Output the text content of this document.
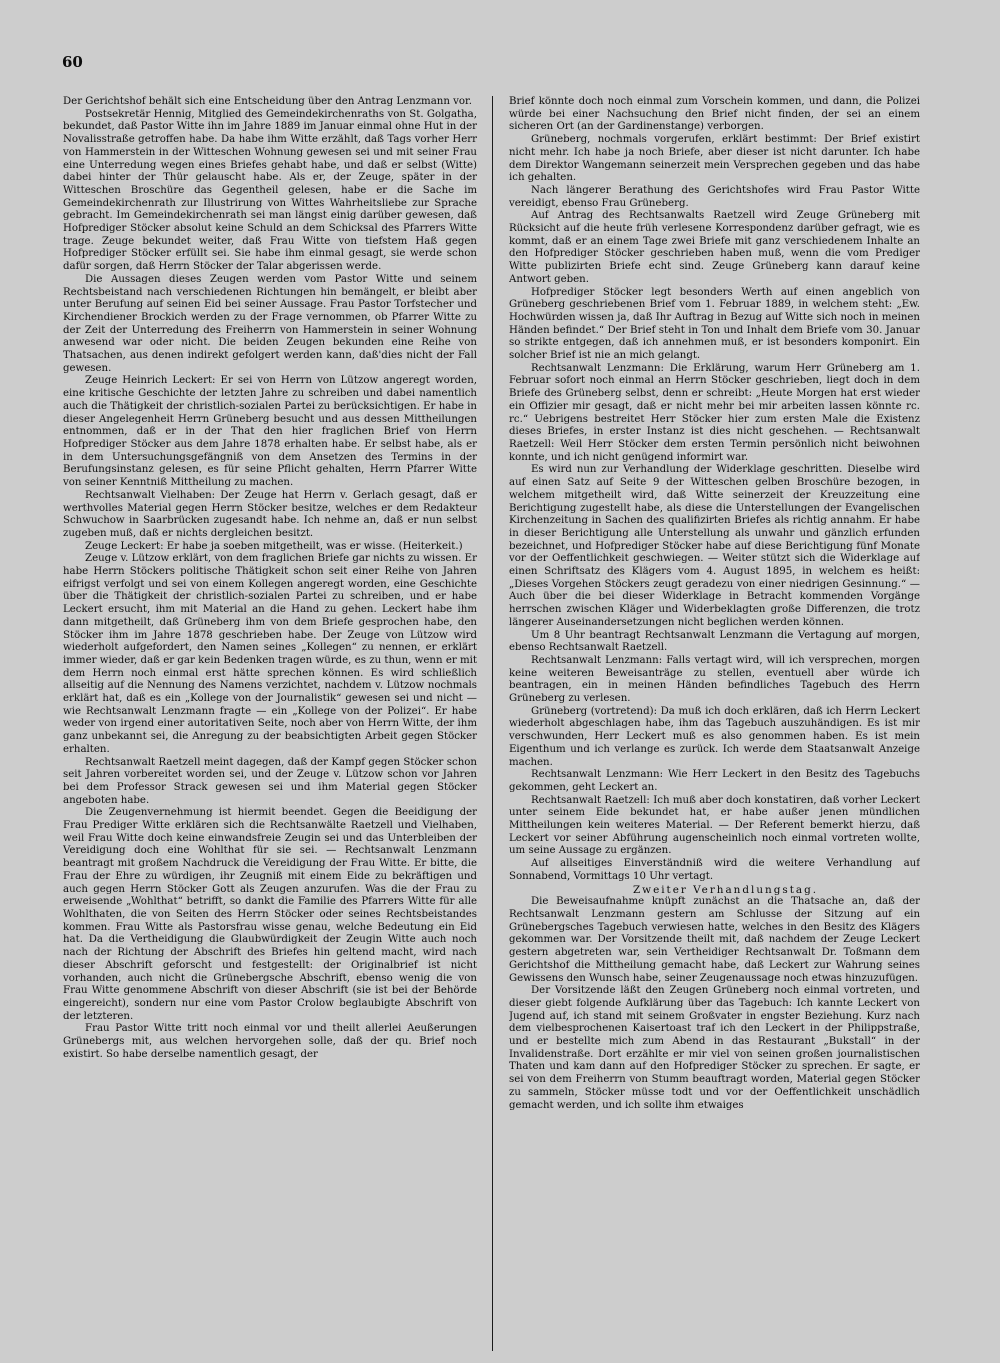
60

Der Gerichtshof behält sich eine Entscheidung über den Antrag Lenzmann vor.

Postsekretär Hennig, Mitglied des Gemeindekirchenraths von St. Golgatha, bekundet, daß Pastor Witte ihn im Jahre 1889 im Januar einmal ohne Hut in der Novalisstraße getroffen habe. Da habe ihm Witte erzählt, daß Tags vorher Herr von Hammerstein in der Witteschen Wohnung gewesen sei und mit seiner Frau eine Unterredung wegen eines Briefes gehabt habe, und daß er selbst (Witte) dabei hinter der Thür gelauscht habe. Als er, der Zeuge, später in der Witteschen Broschüre das Gegentheil gelesen, habe er die Sache im Gemeindekirchenrath zur Illustrirung von Wittes Wahrheitsliebe zur Sprache gebracht. Im Gemeindekirchenrath sei man längst einig darüber gewesen, daß Hofprediger Stöcker absolut keine Schuld an dem Schicksal des Pfarrers Witte trage. Zeuge bekundet weiter, daß Frau Witte von tiefstem Haß gegen Hofprediger Stöcker erfüllt sei. Sie habe ihm einmal gesagt, sie werde schon dafür sorgen, daß Herrn Stöcker der Talar abgerissen werde.

Die Aussagen dieses Zeugen werden vom Pastor Witte und seinem Rechtsbeistand nach verschiedenen Richtungen hin bemängelt, er bleibt aber unter Berufung auf seinen Eid bei seiner Aussage. Frau Pastor Torfstecher und Kirchendiener Brockich werden zu der Frage vernommen, ob Pfarrer Witte zu der Zeit der Unterredung des Freiherrn von Hammerstein in seiner Wohnung anwesend war oder nicht. Die beiden Zeugen bekunden eine Reihe von Thatsachen, aus denen indirekt gefolgert werden kann, daß'dies nicht der Fall gewesen.

Zeuge Heinrich Leckert: Er sei von Herrn von Lützow angeregt worden, eine kritische Geschichte der letzten Jahre zu schreiben und dabei namentlich auch die Thätigkeit der christlich-sozialen Partei zu berücksichtigen. Er habe in dieser Angelegenheit Herrn Grüneberg besucht und aus dessen Mittheilungen entnommen, daß er in der That den hier fraglichen Brief von Herrn Hofprediger Stöcker aus dem Jahre 1878 erhalten habe. Er selbst habe, als er in dem Untersuchungsgefängniß von dem Ansetzen des Termins in der Berufungsinstanz gelesen, es für seine Pflicht gehalten, Herrn Pfarrer Witte von seiner Kenntniß Mittheilung zu machen.

Rechtsanwalt Vielhaben: Der Zeuge hat Herrn v. Gerlach gesagt, daß er werthvolles Material gegen Herrn Stöcker besitze, welches er dem Redakteur Schwuchow in Saarbrücken zugesandt habe. Ich nehme an, daß er nun selbst zugeben muß, daß er nichts dergleichen besitzt.

Zeuge Leckert: Er habe ja soeben mitgetheilt, was er wisse. (Heiterkeit.)

Zeuge v. Lützow erklärt, von dem fraglichen Briefe gar nichts zu wissen. Er habe Herrn Stöckers politische Thätigkeit schon seit einer Reihe von Jahren eifrigst verfolgt und sei von einem Kollegen angeregt worden, eine Geschichte über die Thätigkeit der christlich-sozialen Partei zu schreiben, und er habe Leckert ersucht, ihm mit Material an die Hand zu gehen. Leckert habe ihm dann mitgetheilt, daß Grüneberg ihm von dem Briefe gesprochen habe, den Stöcker ihm im Jahre 1878 geschrieben habe. Der Zeuge von Lützow wird wiederholt aufgefordert, den Namen seines „Kollegen“ zu nennen, er erklärt immer wieder, daß er gar kein Bedenken tragen würde, es zu thun, wenn er mit dem Herrn noch einmal erst hätte sprechen können. Es wird schließlich allseitig auf die Nennung des Namens verzichtet, nachdem v. Lützow nochmals erklärt hat, daß es ein „Kollege von der Journalistik“ gewesen sei und nicht — wie Rechtsanwalt Lenzmann fragte — ein „Kollege von der Polizei“. Er habe weder von irgend einer autoritativen Seite, noch aber von Herrn Witte, der ihm ganz unbekannt sei, die Anregung zu der beabsichtigten Arbeit gegen Stöcker erhalten.

Rechtsanwalt Raetzell meint dagegen, daß der Kampf gegen Stöcker schon seit Jahren vorbereitet worden sei, und der Zeuge v. Lützow schon vor Jahren bei dem Professor Strack gewesen sei und ihm Material gegen Stöcker angeboten habe.

Die Zeugenvernehmung ist hiermit beendet. Gegen die Beeidigung der Frau Prediger Witte erklären sich die Rechtsanwälte Raetzell und Vielhaben, weil Frau Witte doch keine einwandsfreie Zeugin sei und das Unterbleiben der Vereidigung doch eine Wohlthat für sie sei. — Rechtsanwalt Lenzmann beantragt mit großem Nachdruck die Vereidigung der Frau Witte. Er bitte, die Frau der Ehre zu würdigen, ihr Zeugniß mit einem Eide zu bekräftigen und auch gegen Herrn Stöcker Gott als Zeugen anzurufen. Was die der Frau zu erweisende „Wohlthat“ betrifft, so dankt die Familie des Pfarrers Witte für alle Wohlthaten, die von Seiten des Herrn Stöcker oder seines Rechtsbeistandes kommen. Frau Witte als Pastorsfrau wisse genau, welche Bedeutung ein Eid hat. Da die Vertheidigung die Glaubwürdigkeit der Zeugin Witte auch noch nach der Richtung der Abschrift des Briefes hin geltend macht, wird nach dieser Abschrift geforscht und festgestellt: der Originalbrief ist nicht vorhanden, auch nicht die Grünebergsche Abschrift, ebenso wenig die von Frau Witte genommene Abschrift von dieser Abschrift (sie ist bei der Behörde eingereicht), sondern nur eine vom Pastor Crolow beglaubigte Abschrift von der letzteren.

Frau Pastor Witte tritt noch einmal vor und theilt allerlei Aeußerungen Grünebergs mit, aus welchen hervorgehen solle, daß der qu. Brief noch existirt. So habe derselbe namentlich gesagt, der

Brief könnte doch noch einmal zum Vorschein kommen, und dann, die Polizei würde bei einer Nachsuchung den Brief nicht finden, der sei an einem sicheren Ort (an der Gardinenstange) verborgen.

Grüneberg, nochmals vorgerufen, erklärt bestimmt: Der Brief existirt nicht mehr. Ich habe ja noch Briefe, aber dieser ist nicht darunter. Ich habe dem Direktor Wangemann seinerzeit mein Versprechen gegeben und das habe ich gehalten.

Nach längerer Berathung des Gerichtshofes wird Frau Pastor Witte vereidigt, ebenso Frau Grüneberg.

Auf Antrag des Rechtsanwalts Raetzell wird Zeuge Grüneberg mit Rücksicht auf die heute früh verlesene Korrespondenz darüber gefragt, wie es kommt, daß er an einem Tage zwei Briefe mit ganz verschiedenem Inhalte an den Hofprediger Stöcker geschrieben haben muß, wenn die vom Prediger Witte publizirten Briefe echt sind. Zeuge Grüneberg kann darauf keine Antwort geben.

Hofprediger Stöcker legt besonders Werth auf einen angeblich von Grüneberg geschriebenen Brief vom 1. Februar 1889, in welchem steht: „Ew. Hochwürden wissen ja, daß Ihr Auftrag in Bezug auf Witte sich noch in meinen Händen befindet.“ Der Brief steht in Ton und Inhalt dem Briefe vom 30. Januar so strikte entgegen, daß ich annehmen muß, er ist besonders komponirt. Ein solcher Brief ist nie an mich gelangt.

Rechtsanwalt Lenzmann: Die Erklärung, warum Herr Grüneberg am 1. Februar sofort noch einmal an Herrn Stöcker geschrieben, liegt doch in dem Briefe des Grüneberg selbst, denn er schreibt: „Heute Morgen hat erst wieder ein Offizier mir gesagt, daß er nicht mehr bei mir arbeiten lassen könnte rc. rc.“ Uebrigens bestreitet Herr Stöcker hier zum ersten Male die Existenz dieses Briefes, in erster Instanz ist dies nicht geschehen. — Rechtsanwalt Raetzell: Weil Herr Stöcker dem ersten Termin persönlich nicht beiwohnen konnte, und ich nicht genügend informirt war.

Es wird nun zur Verhandlung der Widerklage geschritten. Dieselbe wird auf einen Satz auf Seite 9 der Witteschen gelben Broschüre bezogen, in welchem mitgetheilt wird, daß Witte seinerzeit der Kreuzzeitung eine Berichtigung zugestellt habe, als diese die Unterstellungen der Evangelischen Kirchenzeitung in Sachen des qualifizirten Briefes als richtig annahm. Er habe in dieser Berichtigung alle Unterstellung als unwahr und gänzlich erfunden bezeichnet, und Hofprediger Stöcker habe auf diese Berichtigung fünf Monate vor der Oeffentlichkeit geschwiegen. — Weiter stützt sich die Widerklage auf einen Schriftsatz des Klägers vom 4. August 1895, in welchem es heißt: „Dieses Vorgehen Stöckers zeugt geradezu von einer niedrigen Gesinnung.“ — Auch über die bei dieser Widerklage in Betracht kommenden Vorgänge herrschen zwischen Kläger und Widerbeklagten große Differenzen, die trotz längerer Auseinandersetzungen nicht beglichen werden können.

Um 8 Uhr beantragt Rechtsanwalt Lenzmann die Vertagung auf morgen, ebenso Rechtsanwalt Raetzell.

Rechtsanwalt Lenzmann: Falls vertagt wird, will ich versprechen, morgen keine weiteren Beweisanträge zu stellen, eventuell aber würde ich beantragen, ein in meinen Händen befindliches Tagebuch des Herrn Grüneberg zu verlesen.

Grüneberg (vortretend): Da muß ich doch erklären, daß ich Herrn Leckert wiederholt abgeschlagen habe, ihm das Tagebuch auszuhändigen. Es ist mir verschwunden, Herr Leckert muß es also genommen haben. Es ist mein Eigenthum und ich verlange es zurück. Ich werde dem Staatsanwalt Anzeige machen.

Rechtsanwalt Lenzmann: Wie Herr Leckert in den Besitz des Tagebuchs gekommen, geht Leckert an.

Rechtsanwalt Raetzell: Ich muß aber doch konstatiren, daß vorher Leckert unter seinem Eide bekundet hat, er habe außer jenen mündlichen Mittheilungen kein weiteres Material. — Der Referent bemerkt hierzu, daß Leckert vor seiner Abführung augenscheinlich noch einmal vortreten wollte, um seine Aussage zu ergänzen.

Auf allseitiges Einverständniß wird die weitere Verhandlung auf Sonnabend, Vormittags 10 Uhr vertagt.

Zweiter Verhandlungstag.

Die Beweisaufnahme knüpft zunächst an die Thatsache an, daß der Rechtsanwalt Lenzmann gestern am Schlusse der Sitzung auf ein Grünebergsches Tagebuch verwiesen hatte, welches in den Besitz des Klägers gekommen war. Der Vorsitzende theilt mit, daß nachdem der Zeuge Leckert gestern abgetreten war, sein Vertheidiger Rechtsanwalt Dr. Toßmann dem Gerichtshof die Mittheilung gemacht habe, daß Leckert zur Wahrung seines Gewissens den Wunsch habe, seiner Zeugenaussage noch etwas hinzuzufügen.

Der Vorsitzende läßt den Zeugen Grüneberg noch einmal vortreten, und dieser giebt folgende Aufklärung über das Tagebuch: Ich kannte Leckert von Jugend auf, ich stand mit seinem Großvater in engster Beziehung. Kurz nach dem vielbesprochenen Kaisertoast traf ich den Leckert in der Philippstraße, und er bestellte mich zum Abend in das Restaurant „Bukstall“ in der Invalidenstraße. Dort erzählte er mir viel von seinen großen journalistischen Thaten und kam dann auf den Hofprediger Stöcker zu sprechen. Er sagte, er sei von dem Freiherrn von Stumm beauftragt worden, Material gegen Stöcker zu sammeln, Stöcker müsse todt und vor der Oeffentlichkeit unschädlich gemacht werden, und ich sollte ihm etwaiges
